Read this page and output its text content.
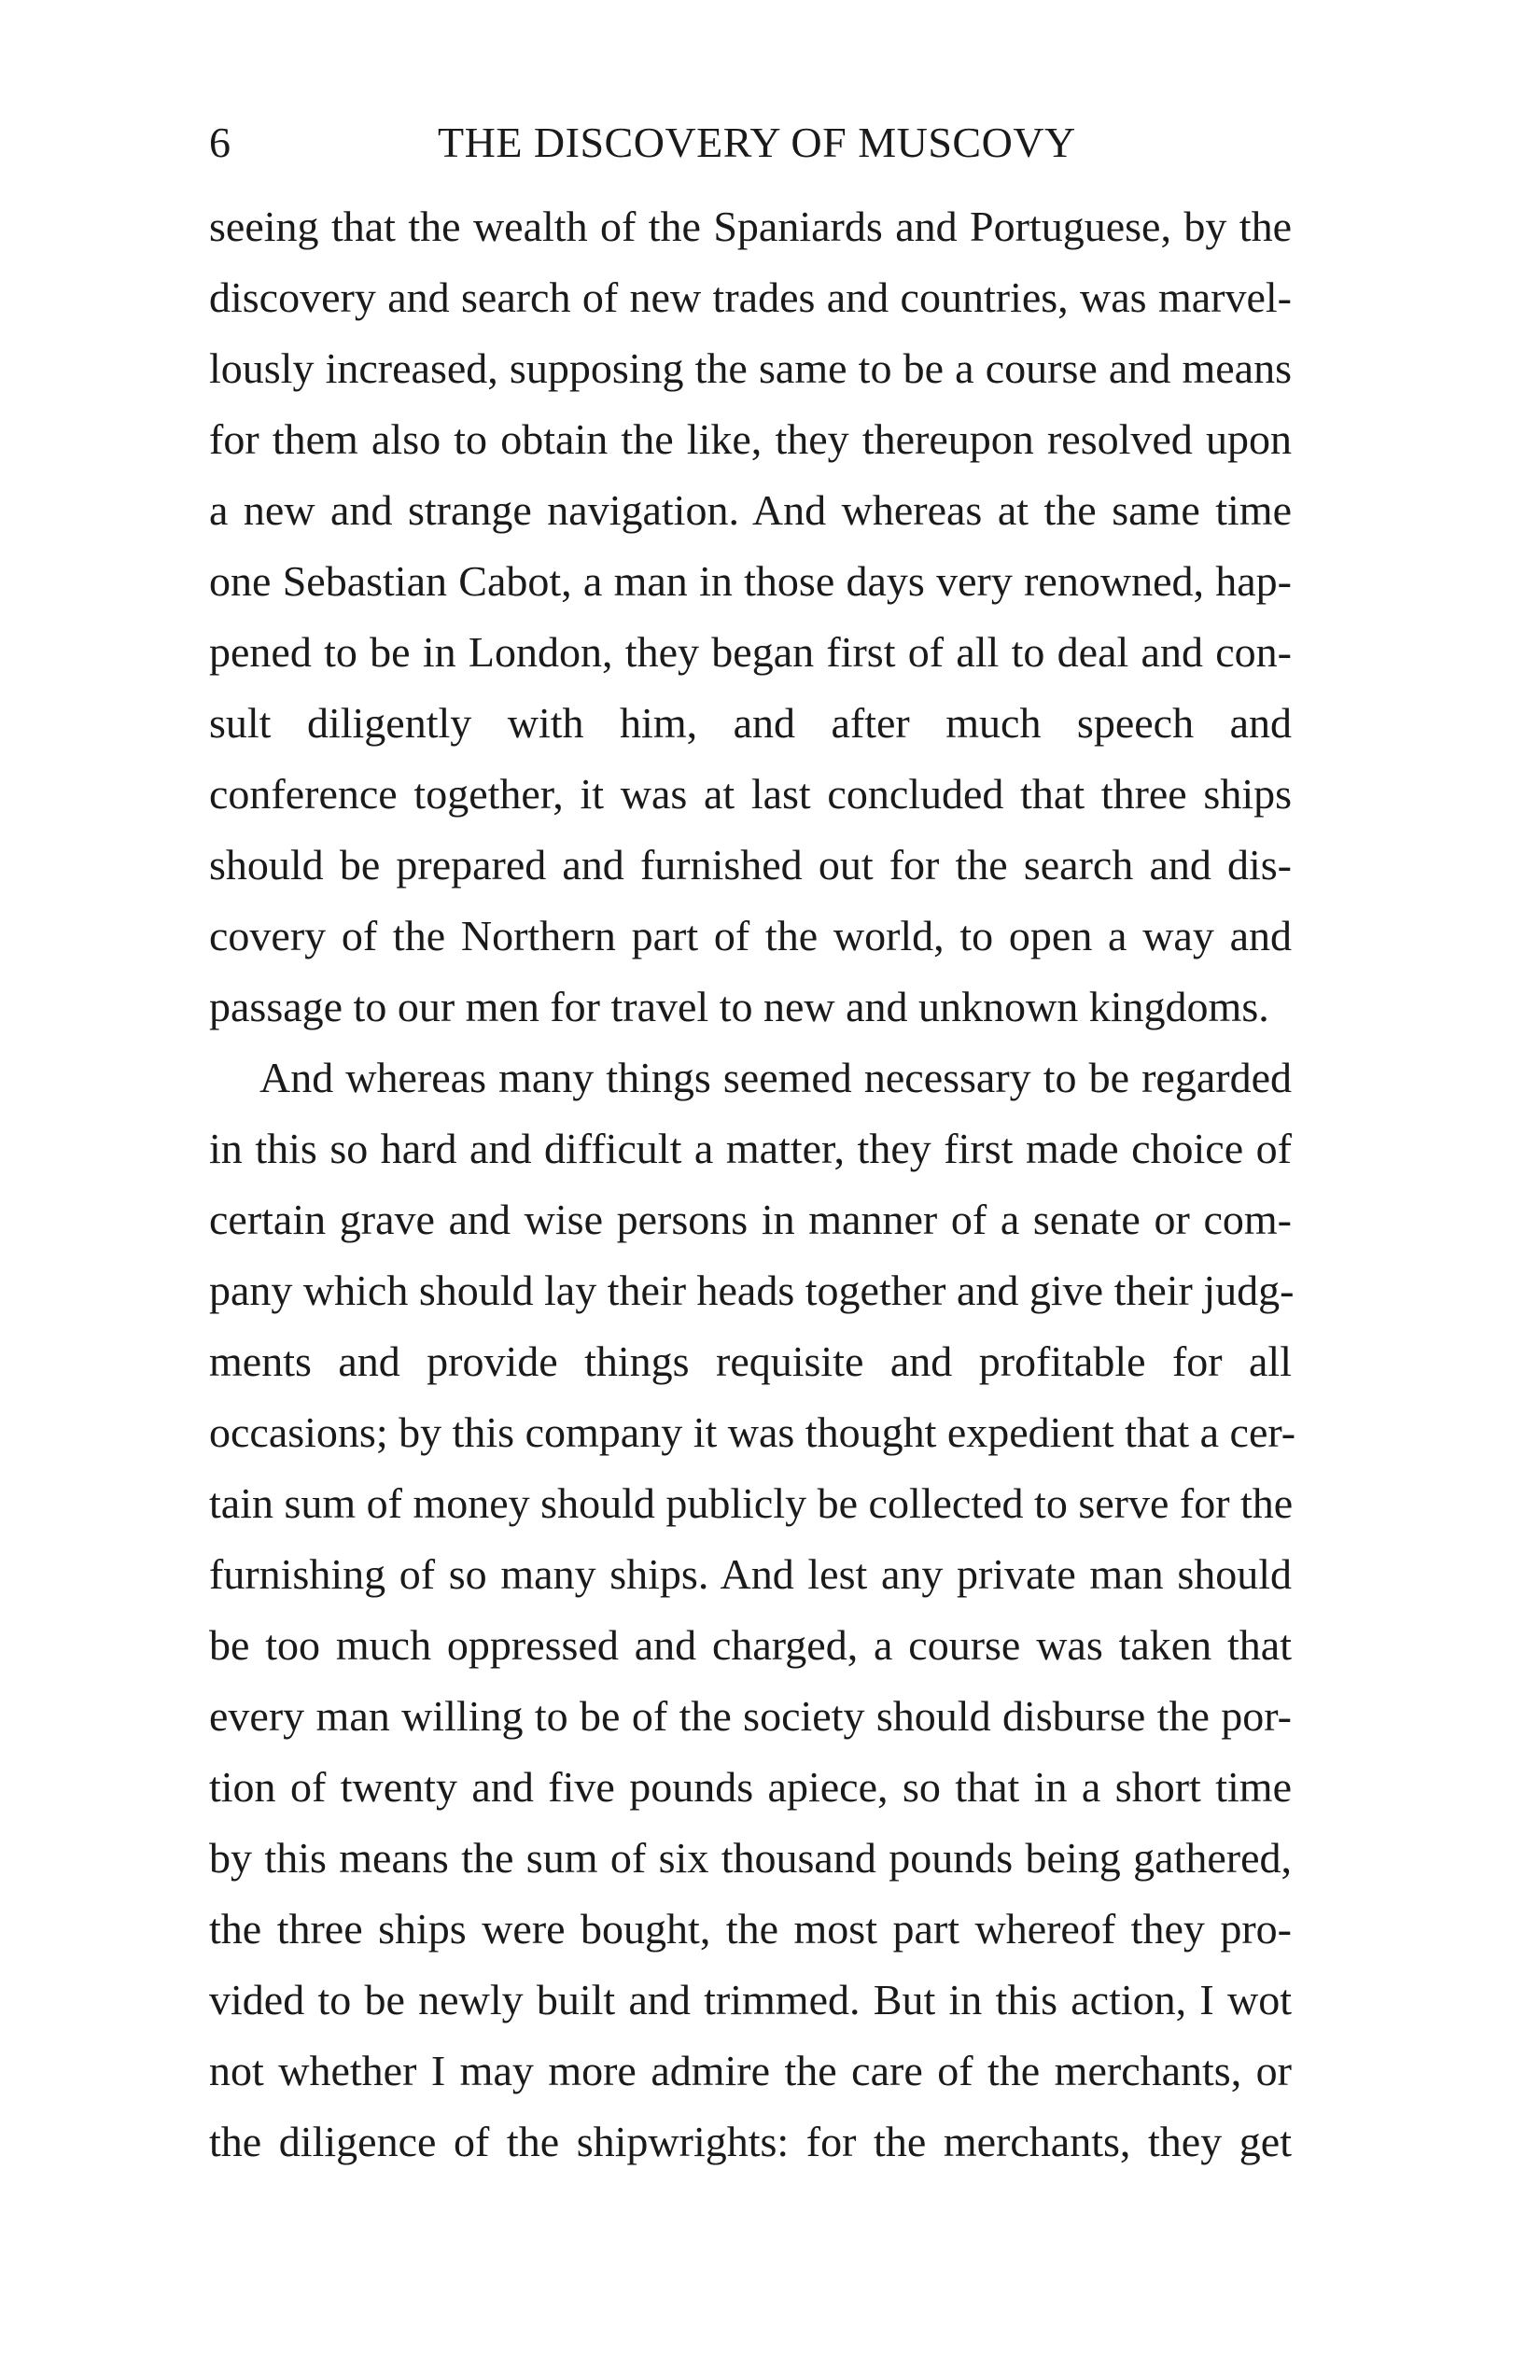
6	THE DISCOVERY OF MUSCOVY
seeing that the wealth of the Spaniards and Portuguese, by the
discovery and search of new trades and countries, was marvel-
lously increased, supposing the same to be a course and means
for them also to obtain the like, they thereupon resolved upon
a new and strange navigation. And whereas at the same time
one Sebastian Cabot, a man in those days very renowned, hap-
pened to be in London, they began first of all to deal and con-
sult diligently with him, and after much speech and
conference together, it was at last concluded that three ships
should be prepared and furnished out for the search and dis-
covery of the Northern part of the world, to open a way and
passage to our men for travel to new and unknown kingdoms.
And whereas many things seemed necessary to be regarded
in this so hard and difficult a matter, they first made choice of
certain grave and wise persons in manner of a senate or com-
pany which should lay their heads together and give their judg-
ments and provide things requisite and profitable for all
occasions; by this company it was thought expedient that a cer-
tain sum of money should publicly be collected to serve for the
furnishing of so many ships. And lest any private man should
be too much oppressed and charged, a course was taken that
every man willing to be of the society should disburse the por-
tion of twenty and five pounds apiece, so that in a short time
by this means the sum of six thousand pounds being gathered,
the three ships were bought, the most part whereof they pro-
vided to be newly built and trimmed. But in this action, I wot
not whether I may more admire the care of the merchants, or
the diligence of the shipwrights: for the merchants, they get
